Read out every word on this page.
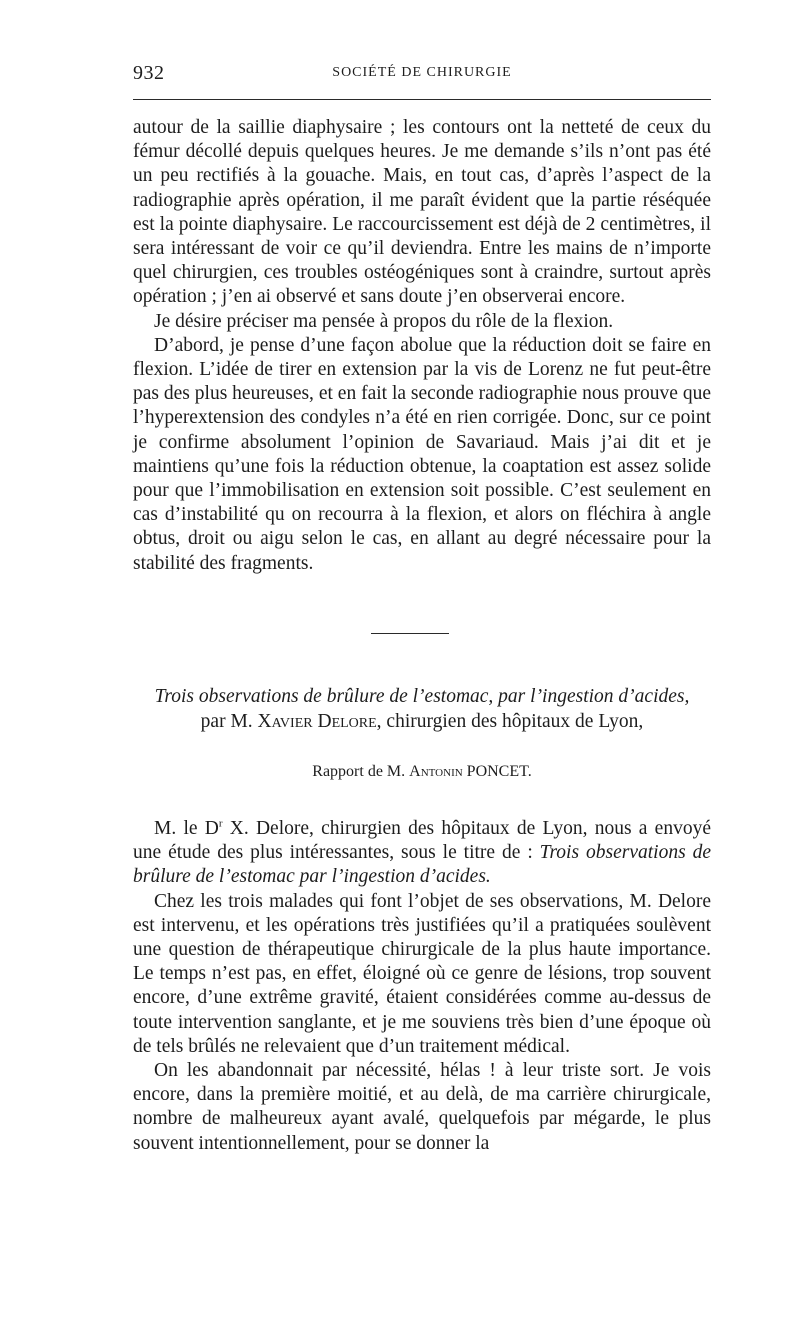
932	SOCIÉTÉ DE CHIRURGIE

autour de la saillie diaphysaire ; les contours ont la netteté de ceux du fémur décollé depuis quelques heures. Je me demande s’ils n’ont pas été un peu rectifiés à la gouache. Mais, en tout cas, d’après l’aspect de la radiographie après opération, il me paraît évident que la partie réséquée est la pointe diaphysaire. Le raccourcissement est déjà de 2 centimètres, il sera intéressant de voir ce qu’il deviendra. Entre les mains de n’importe quel chirurgien, ces troubles ostéogéniques sont à craindre, surtout après opération ; j’en ai observé et sans doute j’en observerai encore.

Je désire préciser ma pensée à propos du rôle de la flexion.

D’abord, je pense d’une façon abolue que la réduction doit se faire en flexion. L’idée de tirer en extension par la vis de Lorenz ne fut peut-être pas des plus heureuses, et en fait la seconde radiographie nous prouve que l’hyperextension des condyles n’a été en rien corrigée. Donc, sur ce point je confirme absolument l’opinion de Savariaud. Mais j’ai dit et je maintiens qu’une fois la réduction obtenue, la coaptation est assez solide pour que l’immobilisation en extension soit possible. C’est seulement en cas d’instabilité qu on recourra à la flexion, et alors on fléchira à angle obtus, droit ou aigu selon le cas, en allant au degré nécessaire pour la stabilité des fragments.

Trois observations de brûlure de l’estomac, par l’ingestion d’acides,
par M. Xavier Delore, chirurgien des hôpitaux de Lyon,
Rapport de M. Antonin PONCET.

M. le $D^r$ X. Delore, chirurgien des hôpitaux de Lyon, nous a envoyé une étude des plus intéressantes, sous le titre de : Trois observations de brûlure de l’estomac par l’ingestion d’acides.

Chez les trois malades qui font l’objet de ses observations, M. Delore est intervenu, et les opérations très justifiées qu’il a pratiquées soulèvent une question de thérapeutique chirurgicale de la plus haute importance. Le temps n’est pas, en effet, éloigné où ce genre de lésions, trop souvent encore, d’une extrême gravité, étaient considérées comme au-dessus de toute intervention sanglante, et je me souviens très bien d’une époque où de tels brûlés ne relevaient que d’un traitement médical.

On les abandonnait par nécessité, hélas ! à leur triste sort. Je vois encore, dans la première moitié, et au delà, de ma carrière chirurgicale, nombre de malheureux ayant avalé, quelquefois par mégarde, le plus souvent intentionnellement, pour se donner la
